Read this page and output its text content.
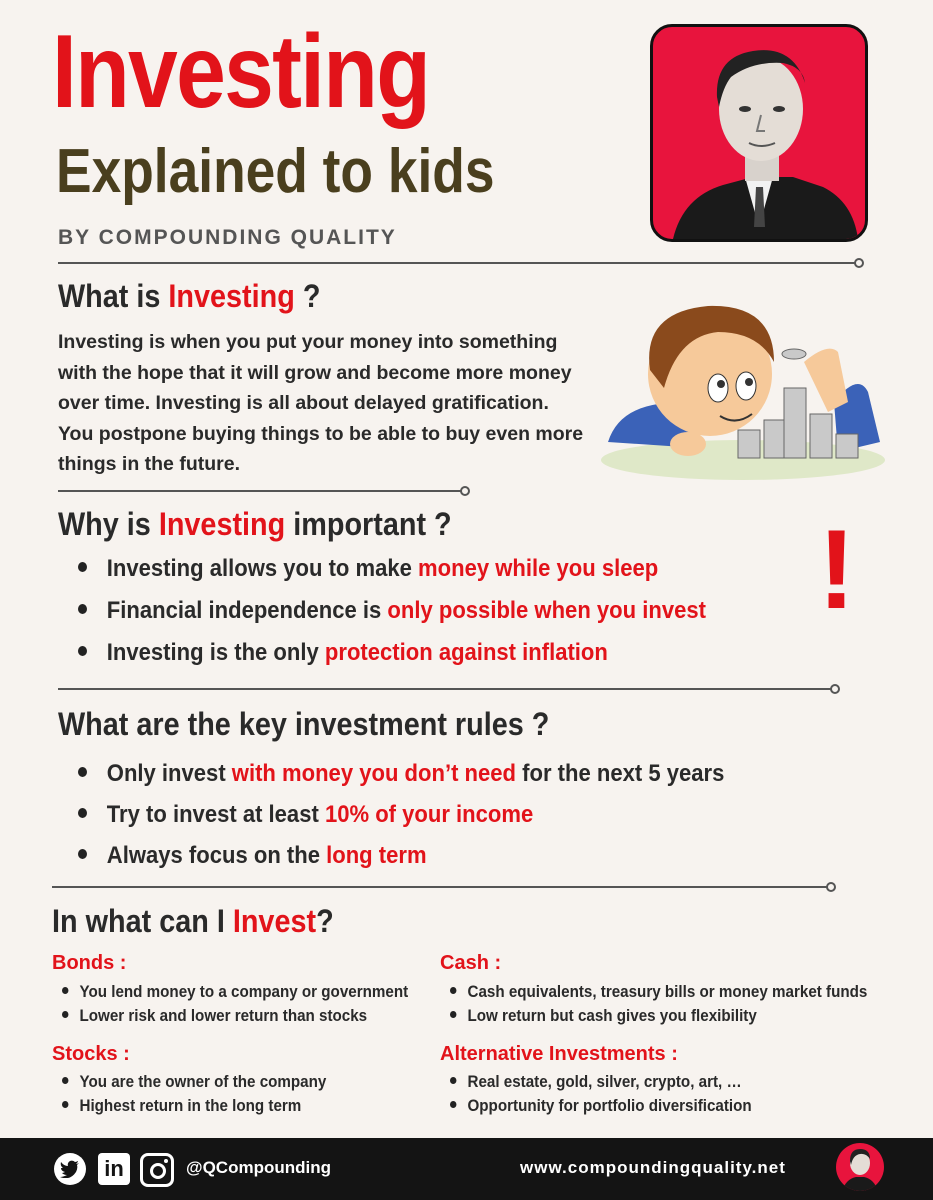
Investing
Explained to kids
BY COMPOUNDING QUALITY
What is Investing ?
Investing is when you put your money into something with the hope that it will grow and become more money over time. Investing is all about delayed gratification. You postpone buying things to be able to buy even more things in the future.
Why is Investing important ?
Investing allows you to make money while you sleep
Financial independence is only possible when you invest
Investing is the only protection against inflation
!
What are the key investment rules ?
Only invest with money you don’t need for the next 5 years
Try to invest at least 10% of your income
Always focus on the long term
In what can I Invest?
Bonds :
You lend money to a company or government
Lower risk and lower return than stocks
Cash :
Cash equivalents, treasury bills or money market funds
Low return but cash gives you flexibility
Stocks :
You are the owner of the company
Highest return in the long term
Alternative Investments :
Real estate, gold, silver, crypto, art, …
Opportunity for portfolio diversification
in	@QCompounding	www.compoundingquality.net
